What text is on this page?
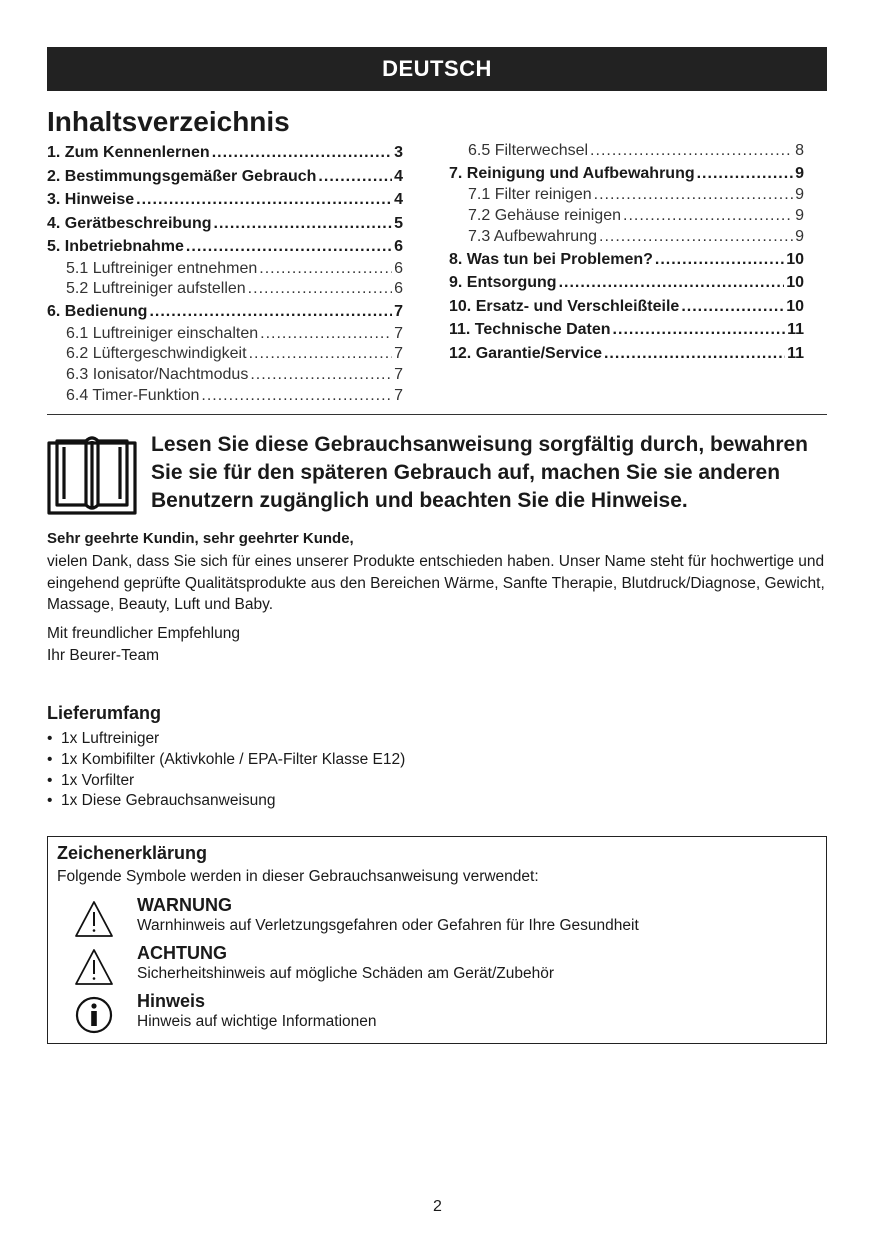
DEUTSCH
Inhaltsverzeichnis
1. Zum Kennenlernen .....	3
2. Bestimmungsgemäßer Gebrauch .....	4
3. Hinweise .....	4
4. Gerätbeschreibung .....	5
5. Inbetriebnahme .....	6
5.1 Luftreiniger entnehmen .....	6
5.2 Luftreiniger aufstellen .....	6
6. Bedienung .....	7
6.1 Luftreiniger einschalten .....	7
6.2 Lüftergeschwindigkeit .....	7
6.3 Ionisator/Nachtmodus .....	7
6.4 Timer-Funktion .....	7
6.5 Filterwechsel .....	8
7. Reinigung und Aufbewahrung .....	9
7.1 Filter reinigen .....	9
7.2 Gehäuse reinigen .....	9
7.3 Aufbewahrung .....	9
8. Was tun bei Problemen? .....	10
9. Entsorgung .....	10
10. Ersatz- und Verschleißteile .....	10
11. Technische Daten .....	11
12. Garantie/Service .....	11

Lesen Sie diese Gebrauchsanweisung sorgfältig durch, bewahren Sie sie für den späteren Gebrauch auf, machen Sie sie anderen Benutzern zugänglich und beachten Sie die Hinweise.

Sehr geehrte Kundin, sehr geehrter Kunde,

vielen Dank, dass Sie sich für eines unserer Produkte entschieden haben. Unser Name steht für hochwertige und eingehend geprüfte Qualitätsprodukte aus den Bereichen Wärme, Sanfte Therapie, Blutdruck/Diagnose, Gewicht, Massage, Beauty, Luft und Baby.

Mit freundlicher Empfehlung

Ihr Beurer-Team

Lieferumfang
• 1x Luftreiniger
• 1x Kombifilter (Aktivkohle / EPA-Filter Klasse E12)
• 1x Vorfilter
• 1x Diese Gebrauchsanweisung
Zeichenerklärung
Folgende Symbole werden in dieser Gebrauchsanweisung verwendet:
WARNUNG
Warnhinweis auf Verletzungsgefahren oder Gefahren für Ihre Gesundheit
ACHTUNG
Sicherheitshinweis auf mögliche Schäden am Gerät/Zubehör
Hinweis
Hinweis auf wichtige Informationen
2
